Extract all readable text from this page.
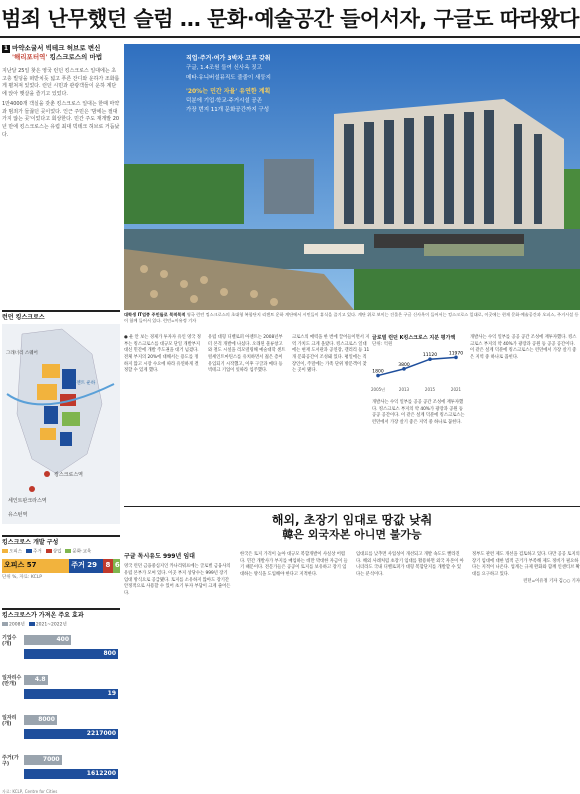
범죄 난무했던 슬럼 … 문화·예술공간 들어서자, 구글도 따라왔다
1 마약소굴서 빅테크 허브로 변신
'해리포터역' 킹스크로스의 마법

지난달 25일 찾은 영국 런던 킹스크로스 일대에는 초고층 빌딩을 떠받치듯 넓고 푸른 잔디와 운하가 조화롭게 펼쳐져 있었다. 런던 시민과 관광객들이 운하 계단에 앉아 햇살을 즐기고 있었다.

1만4000개 객실을 갖춘 킹스크로스 일대는 한때 마약과 범죄가 들끓던 곳이었다. 인근 주민은 '밤에는 절대 가지 않는 곳'이었다고 회상한다. 민간 주도 재개발 20년 만에 킹스크로스는 유럽 최대 빅테크 허브로 거듭났다.

런던 킹스크로스
킹스크로스역
세인트판크라스역
리젠트 운하
유스턴역
그래너리 스퀘어
킹스크로스 개발 구성
오피스	주거	상업	문화·교육
오피스 57	주거 29	8 6
단위 %, 자료: KCLP
킹스크로스가 가져온 주요 효과
2008년	2021~2022년
기업수(개)
400
800
일자리수(만개)
4.8
19
일자리(개)
8000
2217000
주거(가구)
7000
1612200
자료: KCLP, Centre for Cities
직업·주거·여가 3박자 고루 갖춰
구글, 1.4조원 들여 신사옥 짓고
메타·유니버설뮤직도 줄줄이 새둥지
'20%는 민간 자율' 유연한 계획
덕분에 기업·학교·주거시설 공존
가장 번지 11개 문화공간까지 구성
대학생 IT업종 주민들로 북적북적 영국 런던 킹스크로스의 초대형 복합단지 리젠트 운하 계단에서 시민들이 휴식을 즐기고 있다. 계단 위로 보이는 건물은 구글 신사옥이 들어서는 킹스크로스 일대로, 이곳에는 현재 문화·예술공간과 오피스, 주거시설 등이 함께 들어서 있다. 런던=이유정 기자
● 운 안 보는 경제가 투자자 유인 영국 정부는 킹스크로스를 대규모 단일 개발부지 대신 민간에 개발 주도권을 대거 넘겼다. 전체 부지의 20%에 대해서는 용도를 정하지 않고 시장 수요에 따라 유연하게 결정할 수 있게 했다.
유럽 대형 디벨로퍼 아젠트는 2008년부터 본격 개발에 나섰다. 오래된 물류창고와 철도 시설을 리모델링해 예술대학 센트럴세인트마틴스를 유치하면서 젊은 층이 유입되기 시작했고, 이후 구글과 메타 등 빅테크 기업이 잇따라 입주했다.
크로스의 매력을 한 번에 끌어들이면서 지역 가치도 크게 올랐다. 킹스크로스 일대에는 현재 도서관과 공연장, 갤러리 등 11개 문화공간이 조성돼 있다. 평일에는 직장인이, 주말에는 가족 단위 방문객이 찾는 곳이 됐다.
글로벌 런던 K킹스크로스 지분 평가액
단위: 억원
1800
2005년
3800
2013
11120
2015
11970
2021
개발사는 수익 일부를 공공 공간 조성에 재투자했다. 킹스크로스 부지의 약 40%가 광장과 공원 등 공공 공간이다. 이 같은 설계 덕분에 킹스크로스는 런던에서 가장 살기 좋은 지역 중 하나로 꼽힌다.
개발사는 수익 일부를 공공 공간 조성에 재투자했다. 킹스크로스 부지의 약 40%가 광장과 공원 등 공공 공간이다. 이 같은 설계 덕분에 킹스크로스는 런던에서 가장 살기 좋은 지역 중 하나로 꼽힌다.
해외, 초장기 임대로 땅값 낮춰
韓은 외국자본 아니면 불가능
구글 독시유도 999년 임대
영국 런던 금융중심지인 카나리워프에는 글로벌 금융사의 유럽 본부가 모여 있다. 이곳 부지 상당수는 999년 장기 임대 방식으로 공급됐다. 토지를 소유하지 않아도 장기간 안정적으로 사용할 수 있어 초기 투자 부담이 크게 줄어든다.
한국은 토지 가격이 높아 대규모 복합개발이 사실상 어렵다. 민간 개발사가 부지를 매입하는 데만 막대한 자금이 들기 때문이다. 전문가들은 공공이 토지를 보유하고 장기 임대하는 방식을 도입해야 한다고 지적한다.
임대료를 낮추면 사업성이 개선되고 개발 속도도 빨라진다. 해외 사례처럼 초장기 임대를 활용하면 외국 자본이 아니더라도 국내 디벨로퍼가 대형 복합단지를 개발할 수 있다는 분석이다.
정부도 관련 제도 개선을 검토하고 있다. 다만 공공 토지의 장기 임대에 대한 법적 근거가 부족해 제도 정비가 필요하다는 지적이 나온다. 업계는 규제 완화와 함께 인센티브 확대를 요구하고 있다.
런던=이유정 기자 김○○ 기자
